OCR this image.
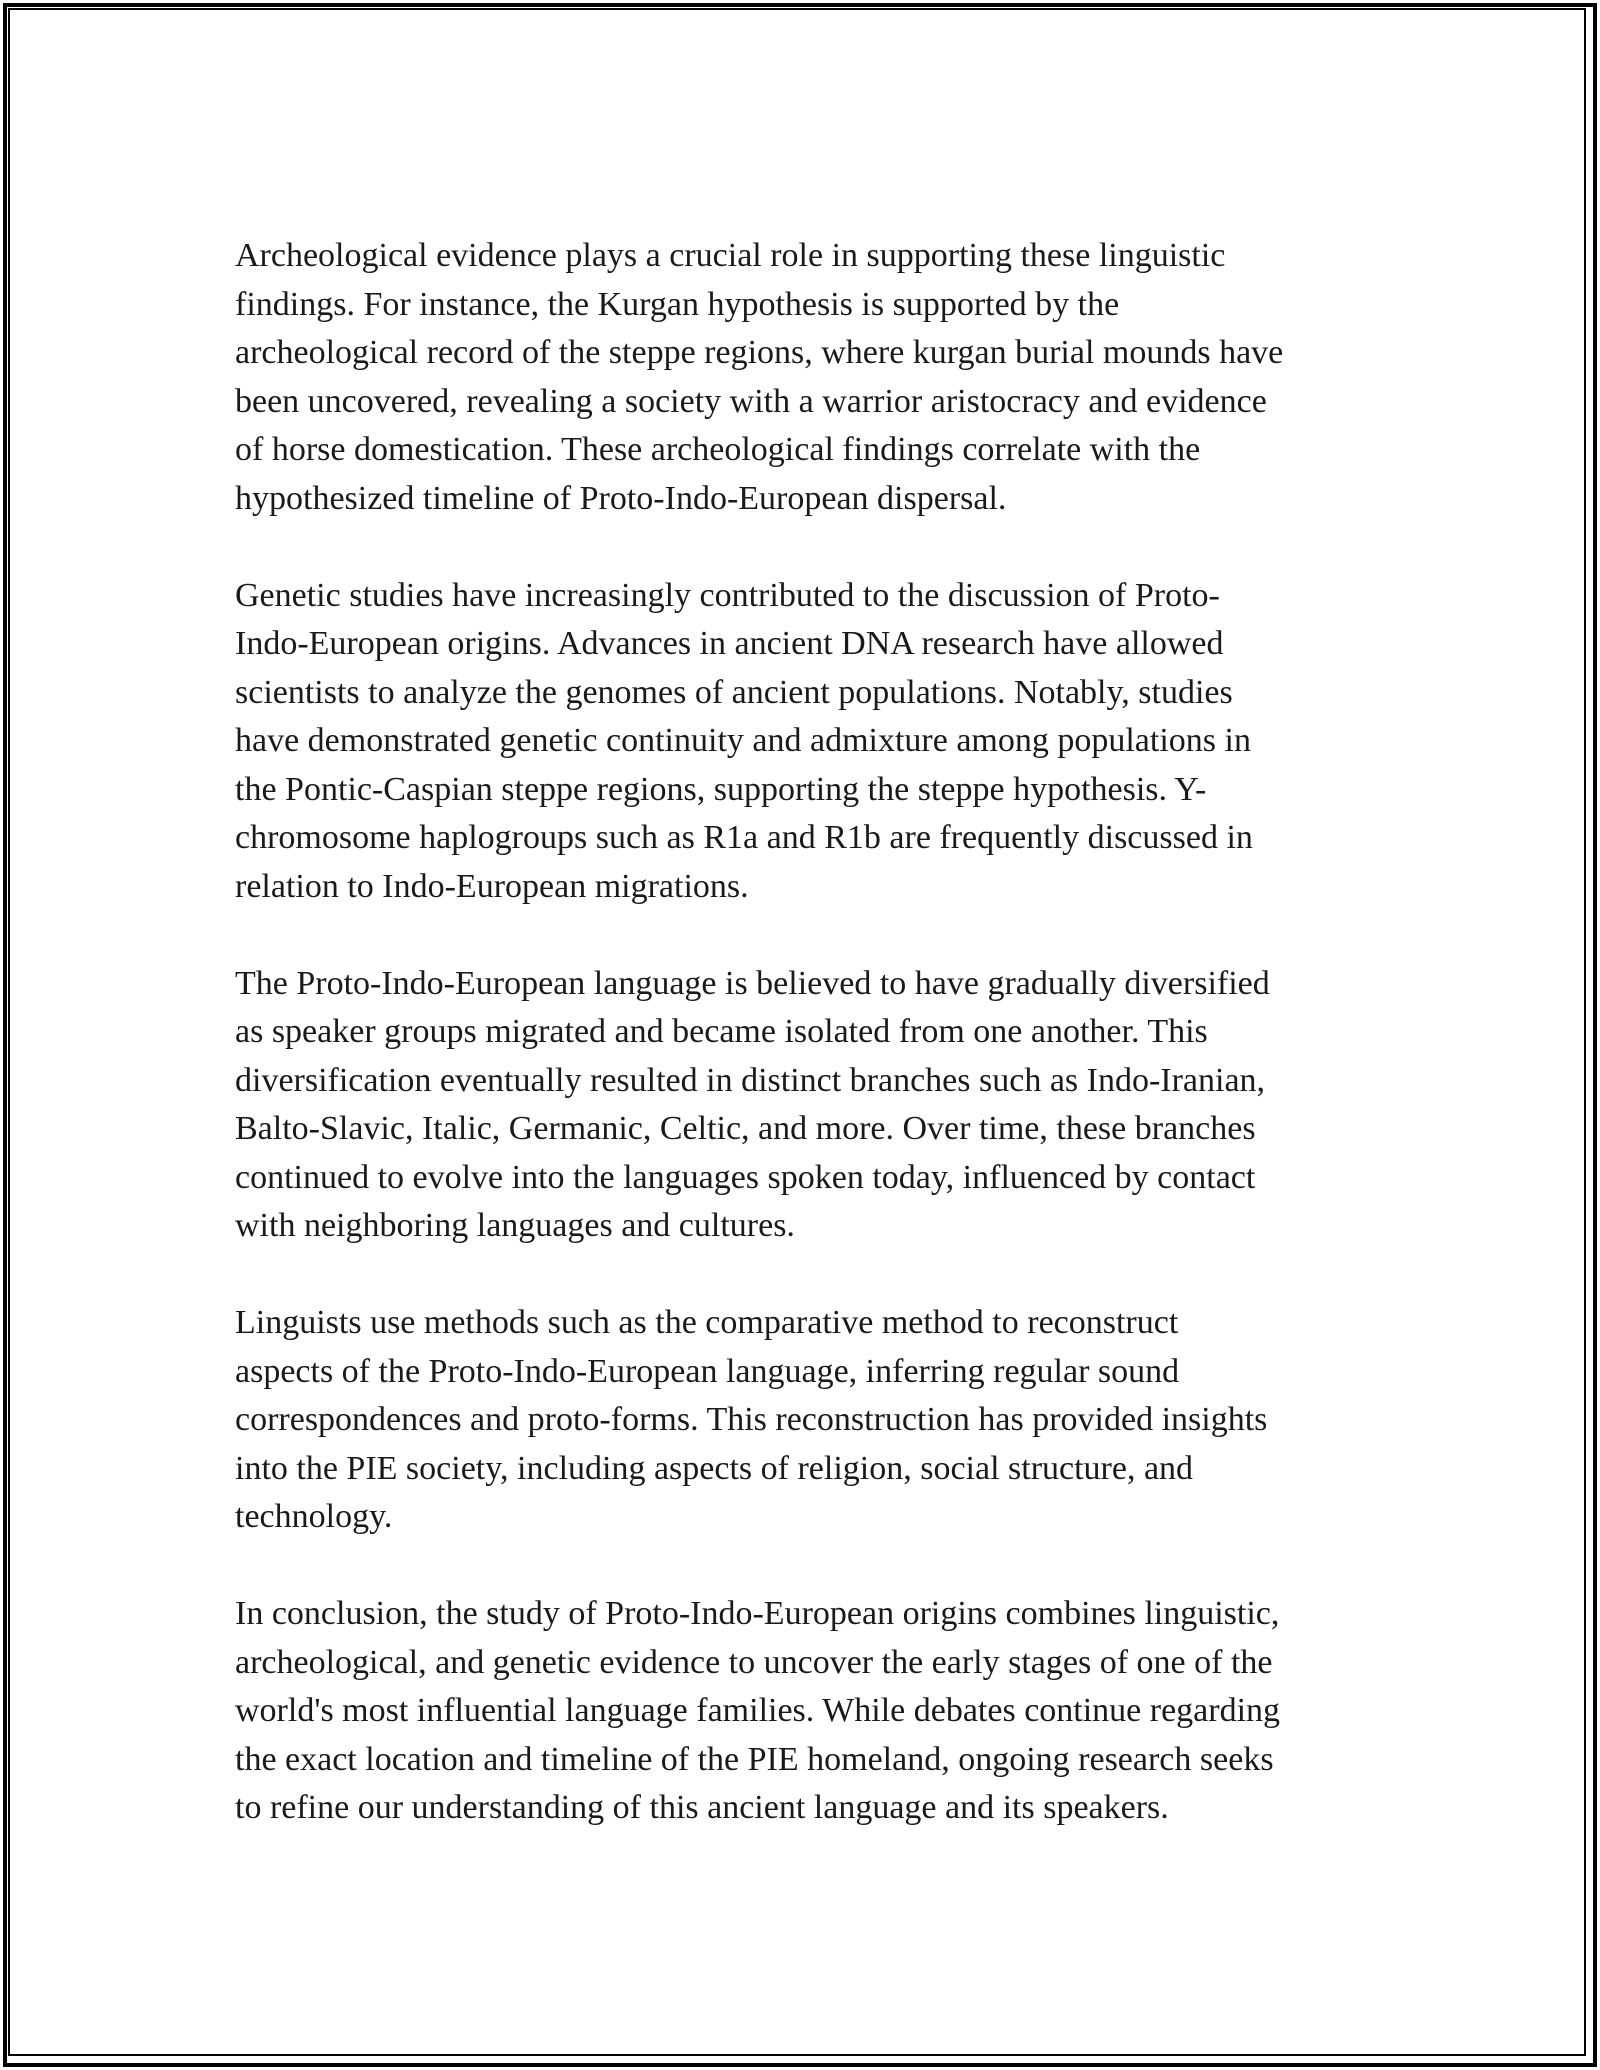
Archeological evidence plays a crucial role in supporting these linguistic
findings. For instance, the Kurgan hypothesis is supported by the
archeological record of the steppe regions, where kurgan burial mounds have
been uncovered, revealing a society with a warrior aristocracy and evidence
of horse domestication. These archeological findings correlate with the
hypothesized timeline of Proto-Indo-European dispersal.

Genetic studies have increasingly contributed to the discussion of Proto-
Indo-European origins. Advances in ancient DNA research have allowed
scientists to analyze the genomes of ancient populations. Notably, studies
have demonstrated genetic continuity and admixture among populations in
the Pontic-Caspian steppe regions, supporting the steppe hypothesis. Y-
chromosome haplogroups such as R1a and R1b are frequently discussed in
relation to Indo-European migrations.

The Proto-Indo-European language is believed to have gradually diversified
as speaker groups migrated and became isolated from one another. This
diversification eventually resulted in distinct branches such as Indo-Iranian,
Balto-Slavic, Italic, Germanic, Celtic, and more. Over time, these branches
continued to evolve into the languages spoken today, influenced by contact
with neighboring languages and cultures.

Linguists use methods such as the comparative method to reconstruct
aspects of the Proto-Indo-European language, inferring regular sound
correspondences and proto-forms. This reconstruction has provided insights
into the PIE society, including aspects of religion, social structure, and
technology.

In conclusion, the study of Proto-Indo-European origins combines linguistic,
archeological, and genetic evidence to uncover the early stages of one of the
world's most influential language families. While debates continue regarding
the exact location and timeline of the PIE homeland, ongoing research seeks
to refine our understanding of this ancient language and its speakers.
